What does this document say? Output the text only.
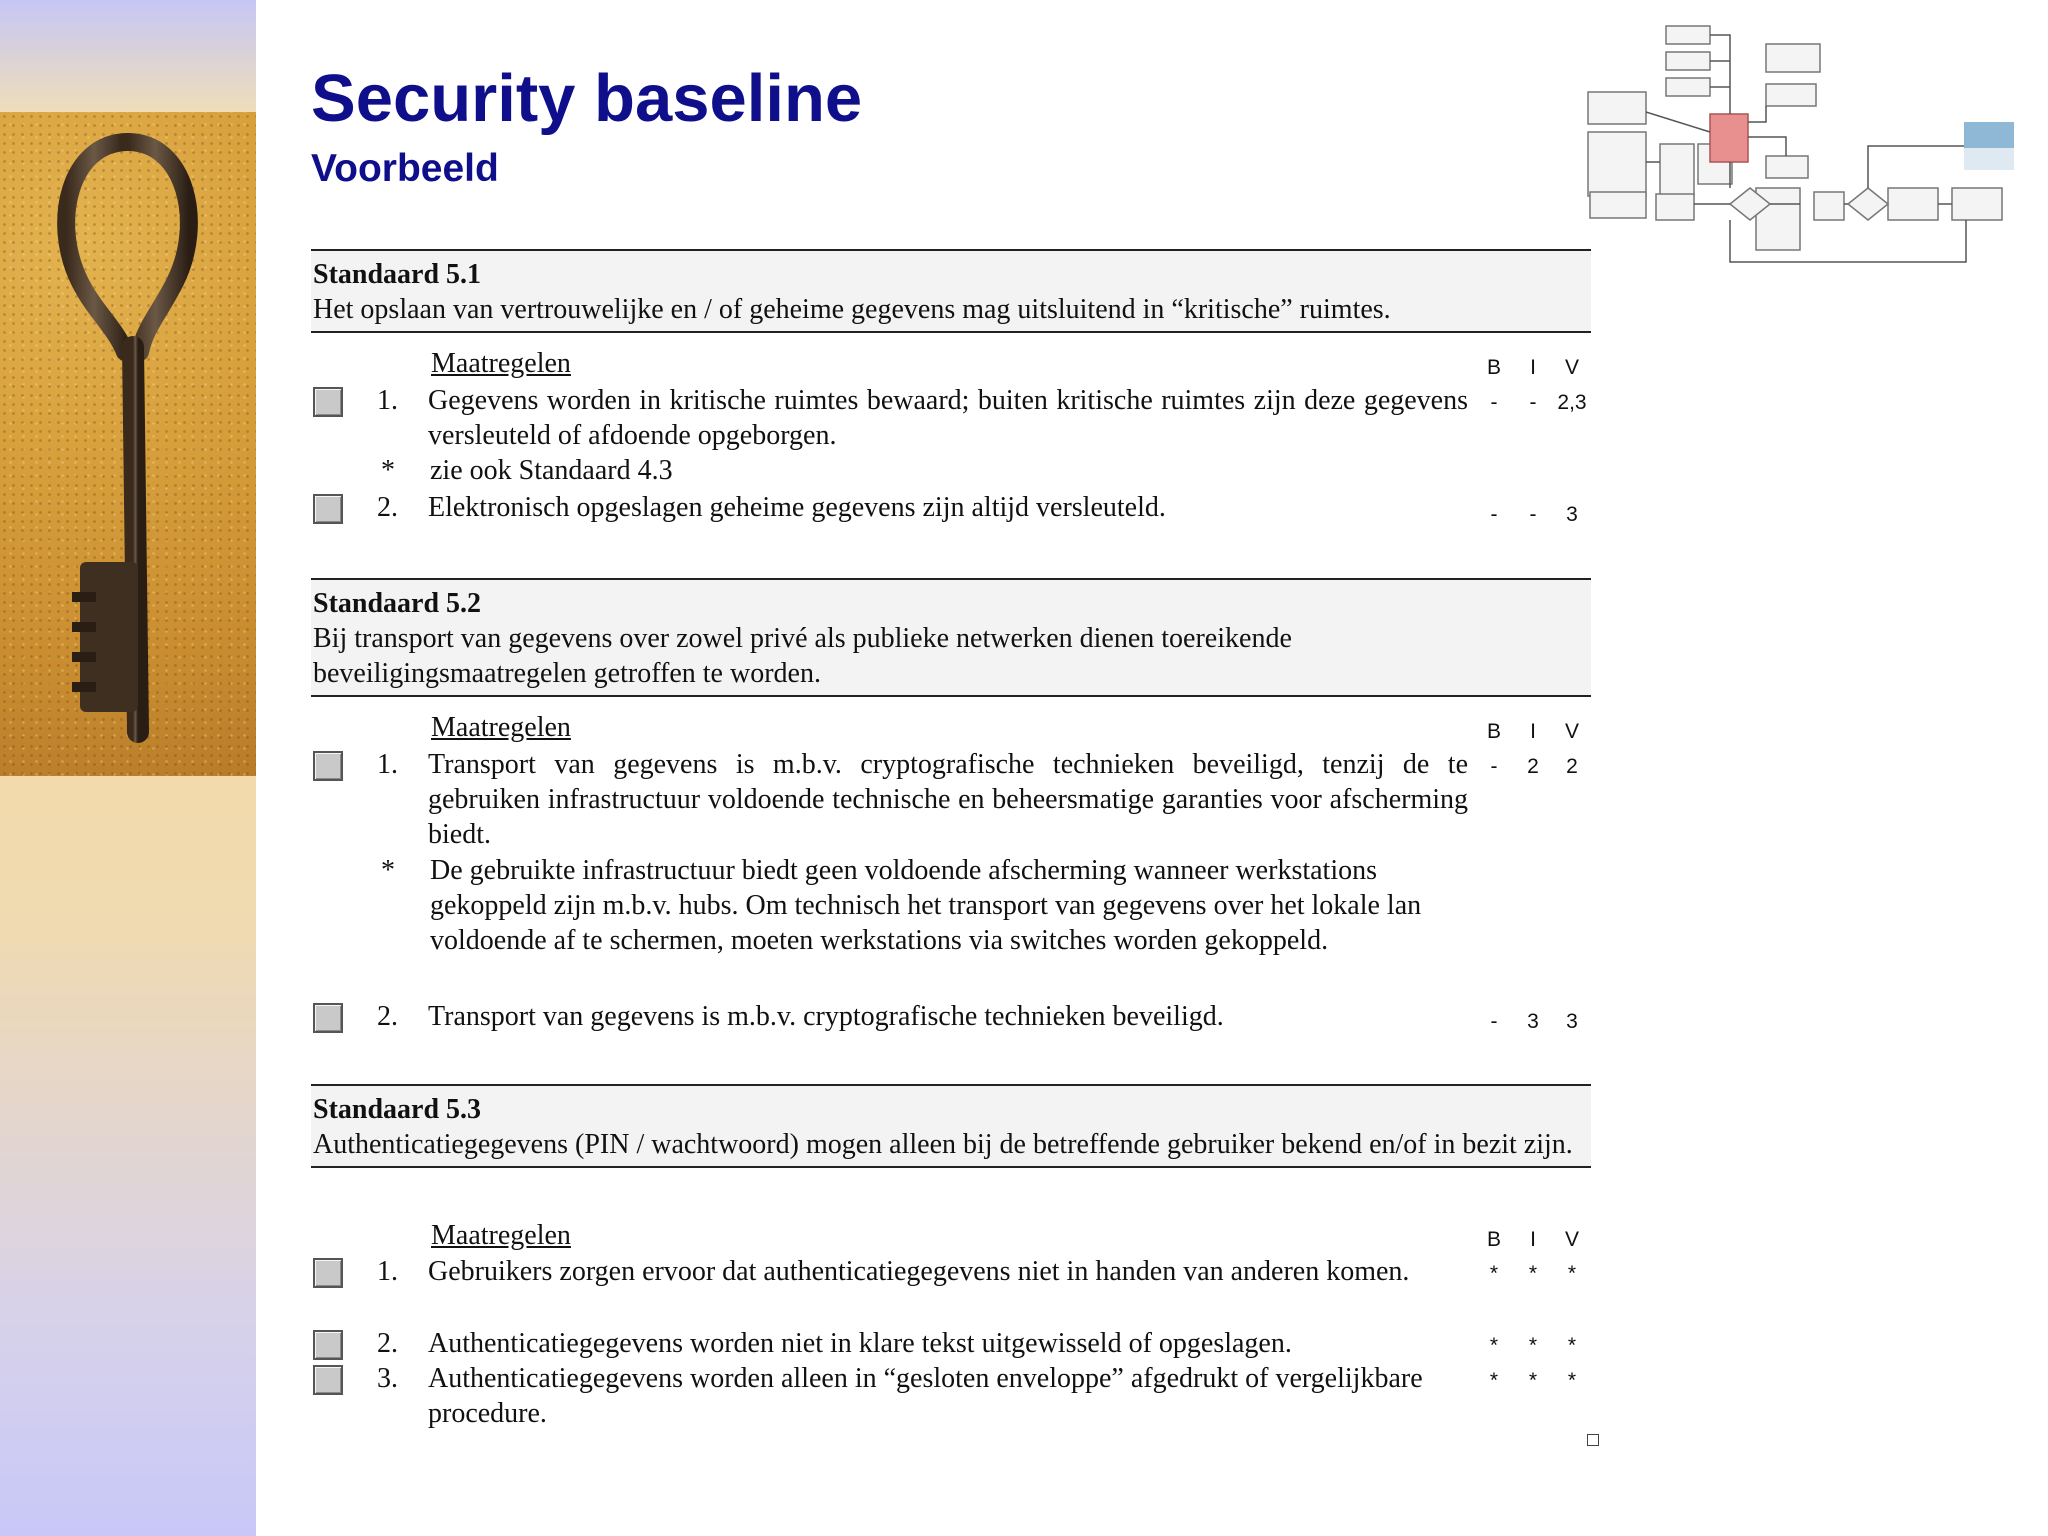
Security baseline
Voorbeeld
Standaard 5.1
Het opslaan van vertrouwelijke en / of geheime gegevens mag uitsluitend in “kritische” ruimtes.
Maatregelen	B	I	V
1. Gegevens worden in kritische ruimtes bewaard; buiten kritische ruimtes zijn deze gegevens versleuteld of afdoende opgeborgen.
-	- 2,3
* zie ook Standaard 4.3
2. Elektronisch opgeslagen geheime gegevens zijn altijd versleuteld.	-	-	3
Standaard 5.2
Bij transport van gegevens over zowel privé als publieke netwerken dienen toereikende beveiligingsmaatregelen getroffen te worden.
Maatregelen	B	I	V
1. Transport van gegevens is m.b.v. cryptografische technieken beveiligd, tenzij de te gebruiken infrastructuur voldoende technische en beheersmatige garanties voor afscherming biedt.
-	2	2
* De gebruikte infrastructuur biedt geen voldoende afscherming wanneer werkstations gekoppeld zijn m.b.v. hubs. Om technisch het transport van gegevens over het lokale lan voldoende af te schermen, moeten werkstations via switches worden gekoppeld.
2. Transport van gegevens is m.b.v. cryptografische technieken beveiligd.	-	3	3
Standaard 5.3
Authenticatiegegevens (PIN / wachtwoord) mogen alleen bij de betreffende gebruiker bekend en/of in bezit zijn.
Maatregelen	B	I	V
1. Gebruikers zorgen ervoor dat authenticatiegegevens niet in handen van anderen komen.	*	*	*
2. Authenticatiegegevens worden niet in klare tekst uitgewisseld of opgeslagen.	*	*	*
3. Authenticatiegegevens worden alleen in “gesloten enveloppe” afgedrukt of vergelijkbare procedure.
*	*	*
